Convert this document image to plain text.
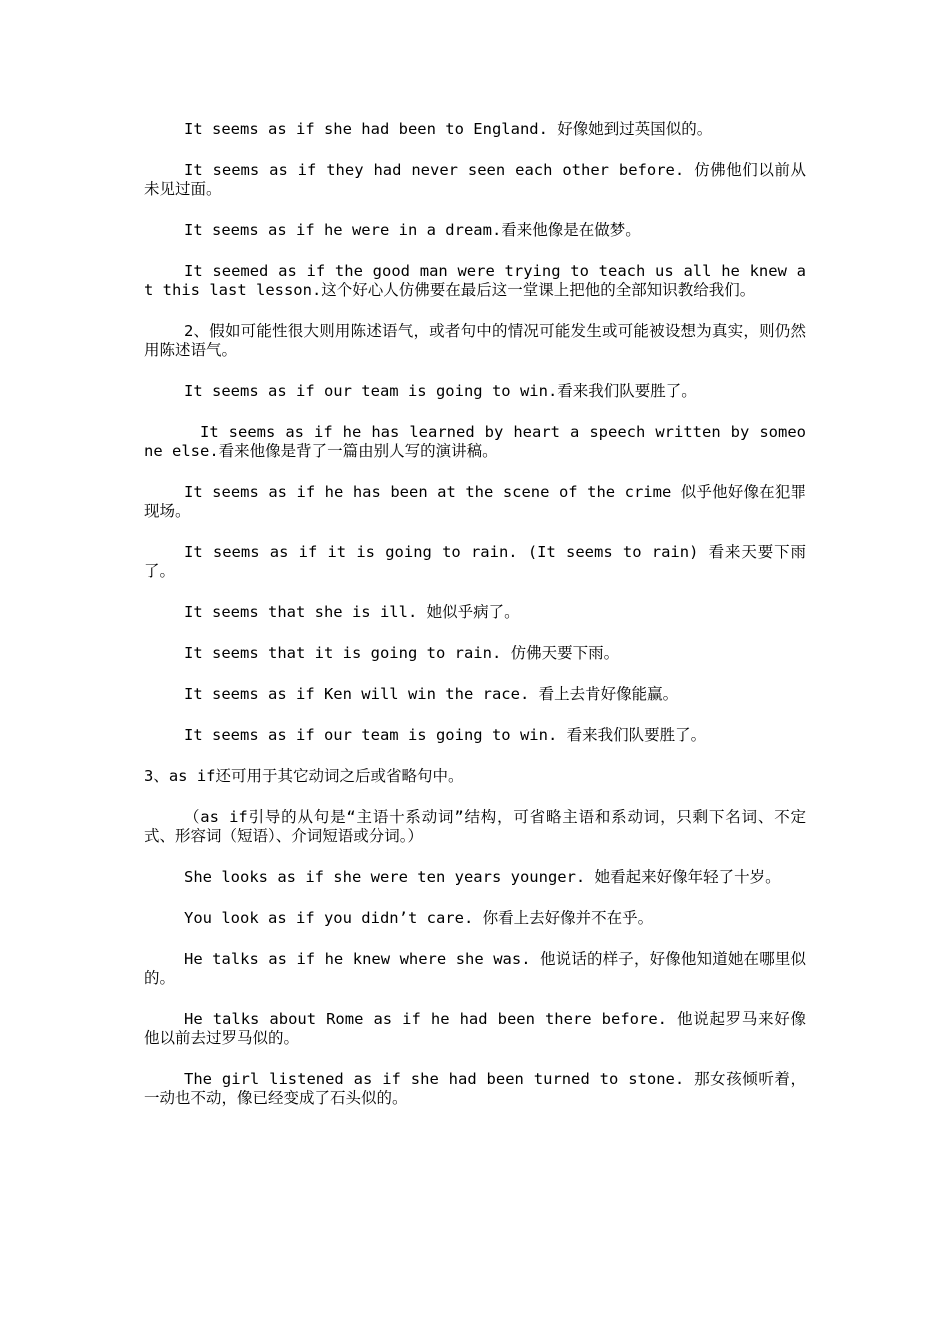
It seems as if she had been to England. 好像她到过英国似的。

It seems as if they had never seen each other before. 仿佛他们以前从未见过面。

It seems as if he were in a dream.看来他像是在做梦。

It seemed as if the good man were trying to teach us all he knew at this last lesson.这个好心人仿佛要在最后这一堂课上把他的全部知识教给我们。

2、假如可能性很大则用陈述语气，或者句中的情况可能发生或可能被设想为真实，则仍然用陈述语气。

It seems as if our team is going to win.看来我们队要胜了。

It seems as if he has learned by heart a speech written by someone else.看来他像是背了一篇由别人写的演讲稿。

It seems as if he has been at the scene of the crime 似乎他好像在犯罪现场。

It seems as if it is going to rain. (It seems to rain) 看来天要下雨了。

It seems that she is ill. 她似乎病了。

It seems that it is going to rain. 仿佛天要下雨。

It seems as if Ken will win the race. 看上去肯好像能赢。

It seems as if our team is going to win. 看来我们队要胜了。

3、as if还可用于其它动词之后或省略句中。

（as if引导的从句是“主语十系动词”结构，可省略主语和系动词，只剩下名词、不定式、形容词（短语）、介词短语或分词。）

She looks as if she were ten years younger. 她看起来好像年轻了十岁。

You look as if you didn’t care. 你看上去好像并不在乎。

He talks as if he knew where she was. 他说话的样子，好像他知道她在哪里似的。

He talks about Rome as if he had been there before. 他说起罗马来好像他以前去过罗马似的。

The girl listened as if she had been turned to stone. 那女孩倾听着，一动也不动，像已经变成了石头似的。
